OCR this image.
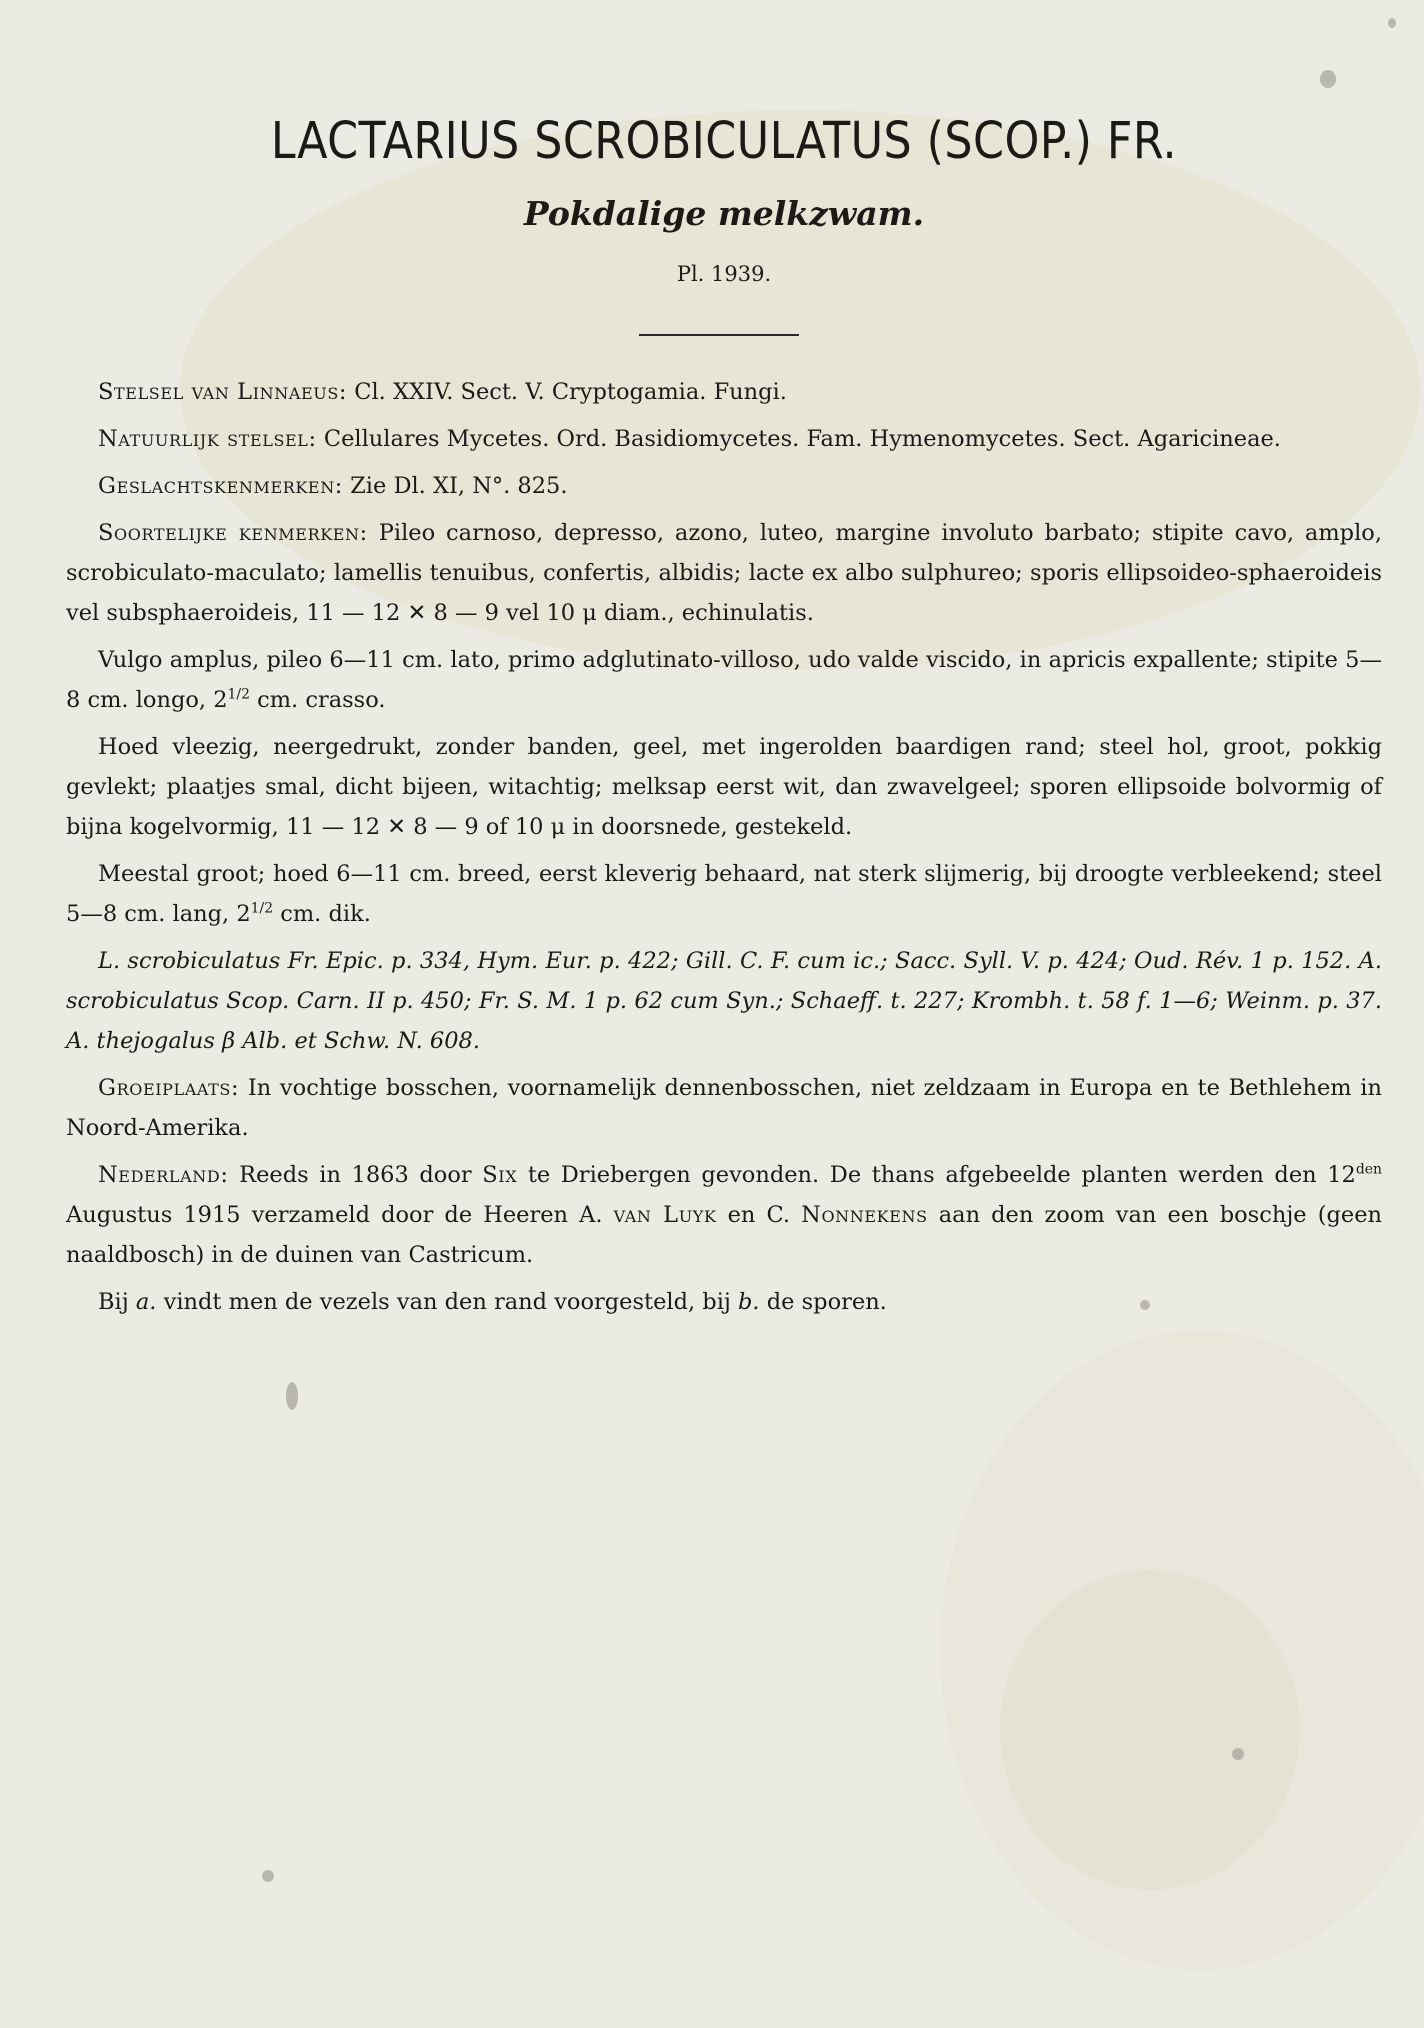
LACTARIUS SCROBICULATUS (SCOP.) FR.
Pokdalige melkzwam.
Pl. 1939.

Stelsel van Linnaeus: Cl. XXIV. Sect. V. Cryptogamia. Fungi.

Natuurlijk stelsel: Cellulares Mycetes. Ord. Basidiomycetes. Fam. Hymenomycetes. Sect. Agaricineae.

Geslachtskenmerken: Zie Dl. XI, N°. 825.

Soortelijke kenmerken: Pileo carnoso, depresso, azono, luteo, margine involuto barbato; stipite cavo, amplo, scrobiculato-maculato; lamellis tenuibus, confertis, albidis; lacte ex albo sulphureo; sporis ellipsoideo-sphaeroideis vel subsphaeroideis, 11 — 12 ✕ 8 — 9 vel 10 μ diam., echinulatis.

Vulgo amplus, pileo 6—11 cm. lato, primo adglutinato-villoso, udo valde viscido, in apricis expallente; stipite 5—8 cm. longo, $2^{1/2}$ cm. crasso.

Hoed vleezig, neergedrukt, zonder banden, geel, met ingerolden baardigen rand; steel hol, groot, pokkig gevlekt; plaatjes smal, dicht bijeen, witachtig; melksap eerst wit, dan zwavelgeel; sporen ellipsoide bolvormig of bijna kogelvormig, 11 — 12 ✕ 8 — 9 of 10 μ in doorsnede, gestekeld.

Meestal groot; hoed 6—11 cm. breed, eerst kleverig behaard, nat sterk slijmerig, bij droogte verbleekend; steel 5—8 cm. lang, $2^{1/2}$ cm. dik.

L. scrobiculatus Fr. Epic. p. 334, Hym. Eur. p. 422; Gill. C. F. cum ic.; Sacc. Syll. V. p. 424; Oud. Rév. 1 p. 152. A. scrobiculatus Scop. Carn. II p. 450; Fr. S. M. 1 p. 62 cum Syn.; Schaeff. t. 227; Krombh. t. 58 f. 1—6; Weinm. p. 37. A. thejogalus β Alb. et Schw. N. 608.

Groeiplaats: In vochtige bosschen, voornamelijk dennenbosschen, niet zeldzaam in Europa en te Bethlehem in Noord-Amerika.

Nederland: Reeds in 1863 door Six te Driebergen gevonden. De thans afgebeelde planten werden den $12^{den}$ Augustus 1915 verzameld door de Heeren A. van Luyk en C. Nonnekens aan den zoom van een boschje (geen naaldbosch) in de duinen van Castricum.

Bij a. vindt men de vezels van den rand voorgesteld, bij b. de sporen.
